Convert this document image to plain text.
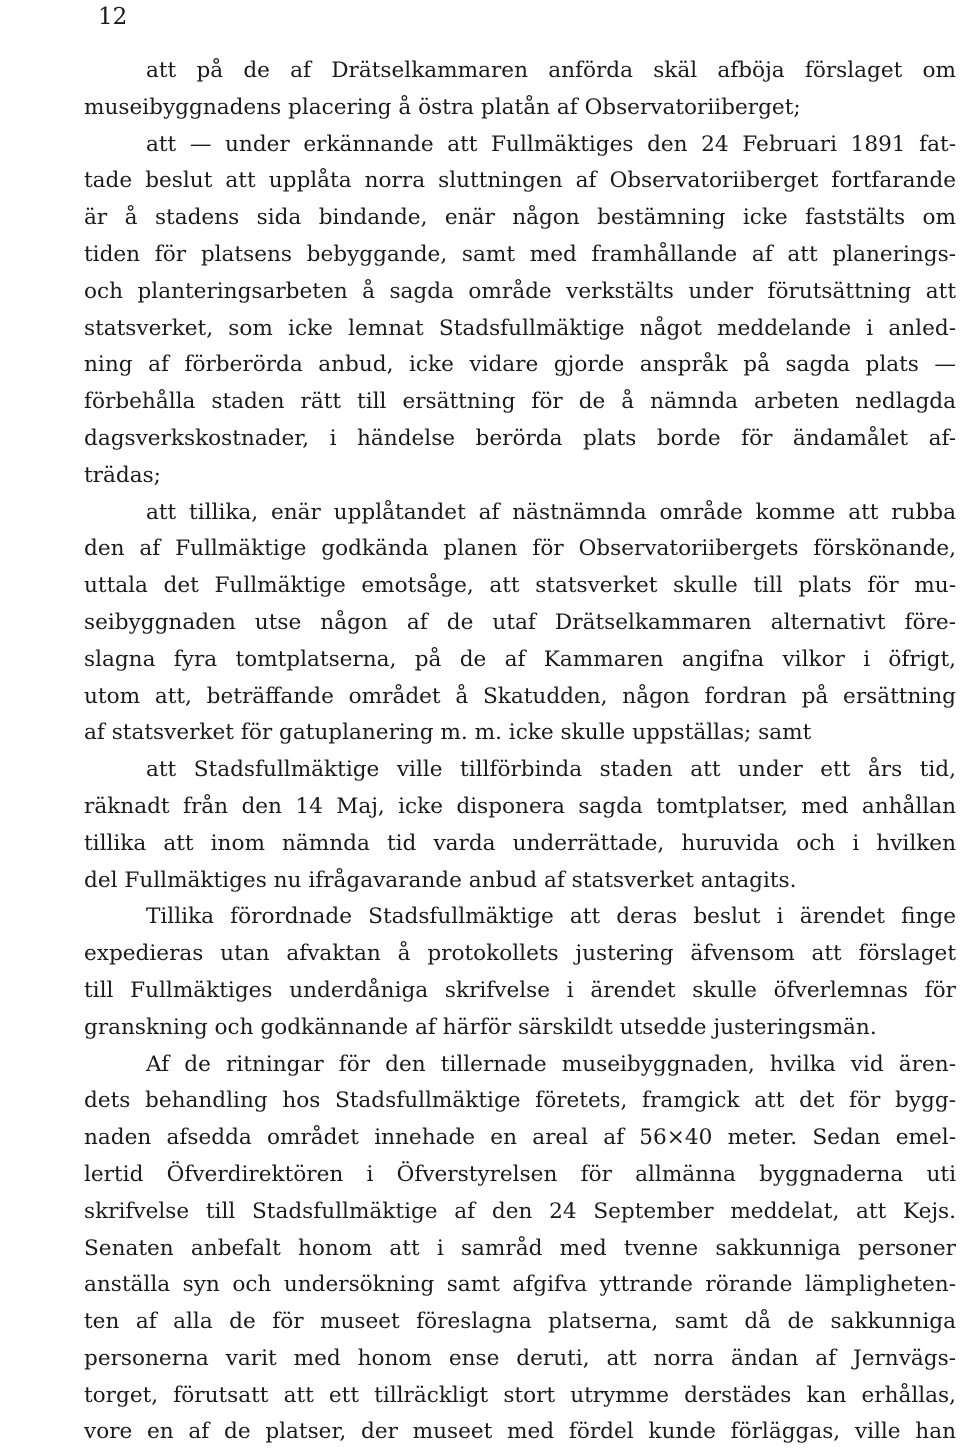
12
att på de af Drätselkammaren anförda skäl afböja förslaget om
museibyggnadens placering å östra platån af Observatoriiberget;
att — under erkännande att Fullmäktiges den 24 Februari 1891 fat-
tade beslut att upplåta norra sluttningen af Observatoriiberget fortfarande
är å stadens sida bindande, enär någon bestämning icke faststälts om
tiden för platsens bebyggande, samt med framhållande af att planerings-
och planteringsarbeten å sagda område verkstälts under förutsättning att
statsverket, som icke lemnat Stadsfullmäktige något meddelande i anled-
ning af förberörda anbud, icke vidare gjorde anspråk på sagda plats —
förbehålla staden rätt till ersättning för de å nämnda arbeten nedlagda
dagsverkskostnader, i händelse berörda plats borde för ändamålet af-
trädas;
att tillika, enär upplåtandet af nästnämnda område komme att rubba
den af Fullmäktige godkända planen för Observatoriibergets förskönande,
uttala det Fullmäktige emotsåge, att statsverket skulle till plats för mu-
seibyggnaden utse någon af de utaf Drätselkammaren alternativt före-
slagna fyra tomtplatserna, på de af Kammaren angifna vilkor i öfrigt,
utom att, beträffande området å Skatudden, någon fordran på ersättning
af statsverket för gatuplanering m. m. icke skulle uppställas; samt
att Stadsfullmäktige ville tillförbinda staden att under ett års tid,
räknadt från den 14 Maj, icke disponera sagda tomtplatser, med anhållan
tillika att inom nämnda tid varda underrättade, huruvida och i hvilken
del Fullmäktiges nu ifrågavarande anbud af statsverket antagits.
Tillika förordnade Stadsfullmäktige att deras beslut i ärendet finge
expedieras utan afvaktan å protokollets justering äfvensom att förslaget
till Fullmäktiges underdåniga skrifvelse i ärendet skulle öfverlemnas för
granskning och godkännande af härför särskildt utsedde justeringsmän.
Af de ritningar för den tillernade museibyggnaden, hvilka vid ären-
dets behandling hos Stadsfullmäktige företets, framgick att det för bygg-
naden afsedda området innehade en areal af 56×40 meter. Sedan emel-
lertid Öfverdirektören i Öfverstyrelsen för allmänna byggnaderna uti
skrifvelse till Stadsfullmäktige af den 24 September meddelat, att Kejs.
Senaten anbefalt honom att i samråd med tvenne sakkunniga personer
anställa syn och undersökning samt afgifva yttrande rörande lämpligheten-
ten af alla de för museet föreslagna platserna, samt då de sakkunniga
personerna varit med honom ense deruti, att norra ändan af Jernvägs-
torget, förutsatt att ett tillräckligt stort utrymme derstädes kan erhållas,
vore en af de platser, der museet med fördel kunde förläggas, ville han
